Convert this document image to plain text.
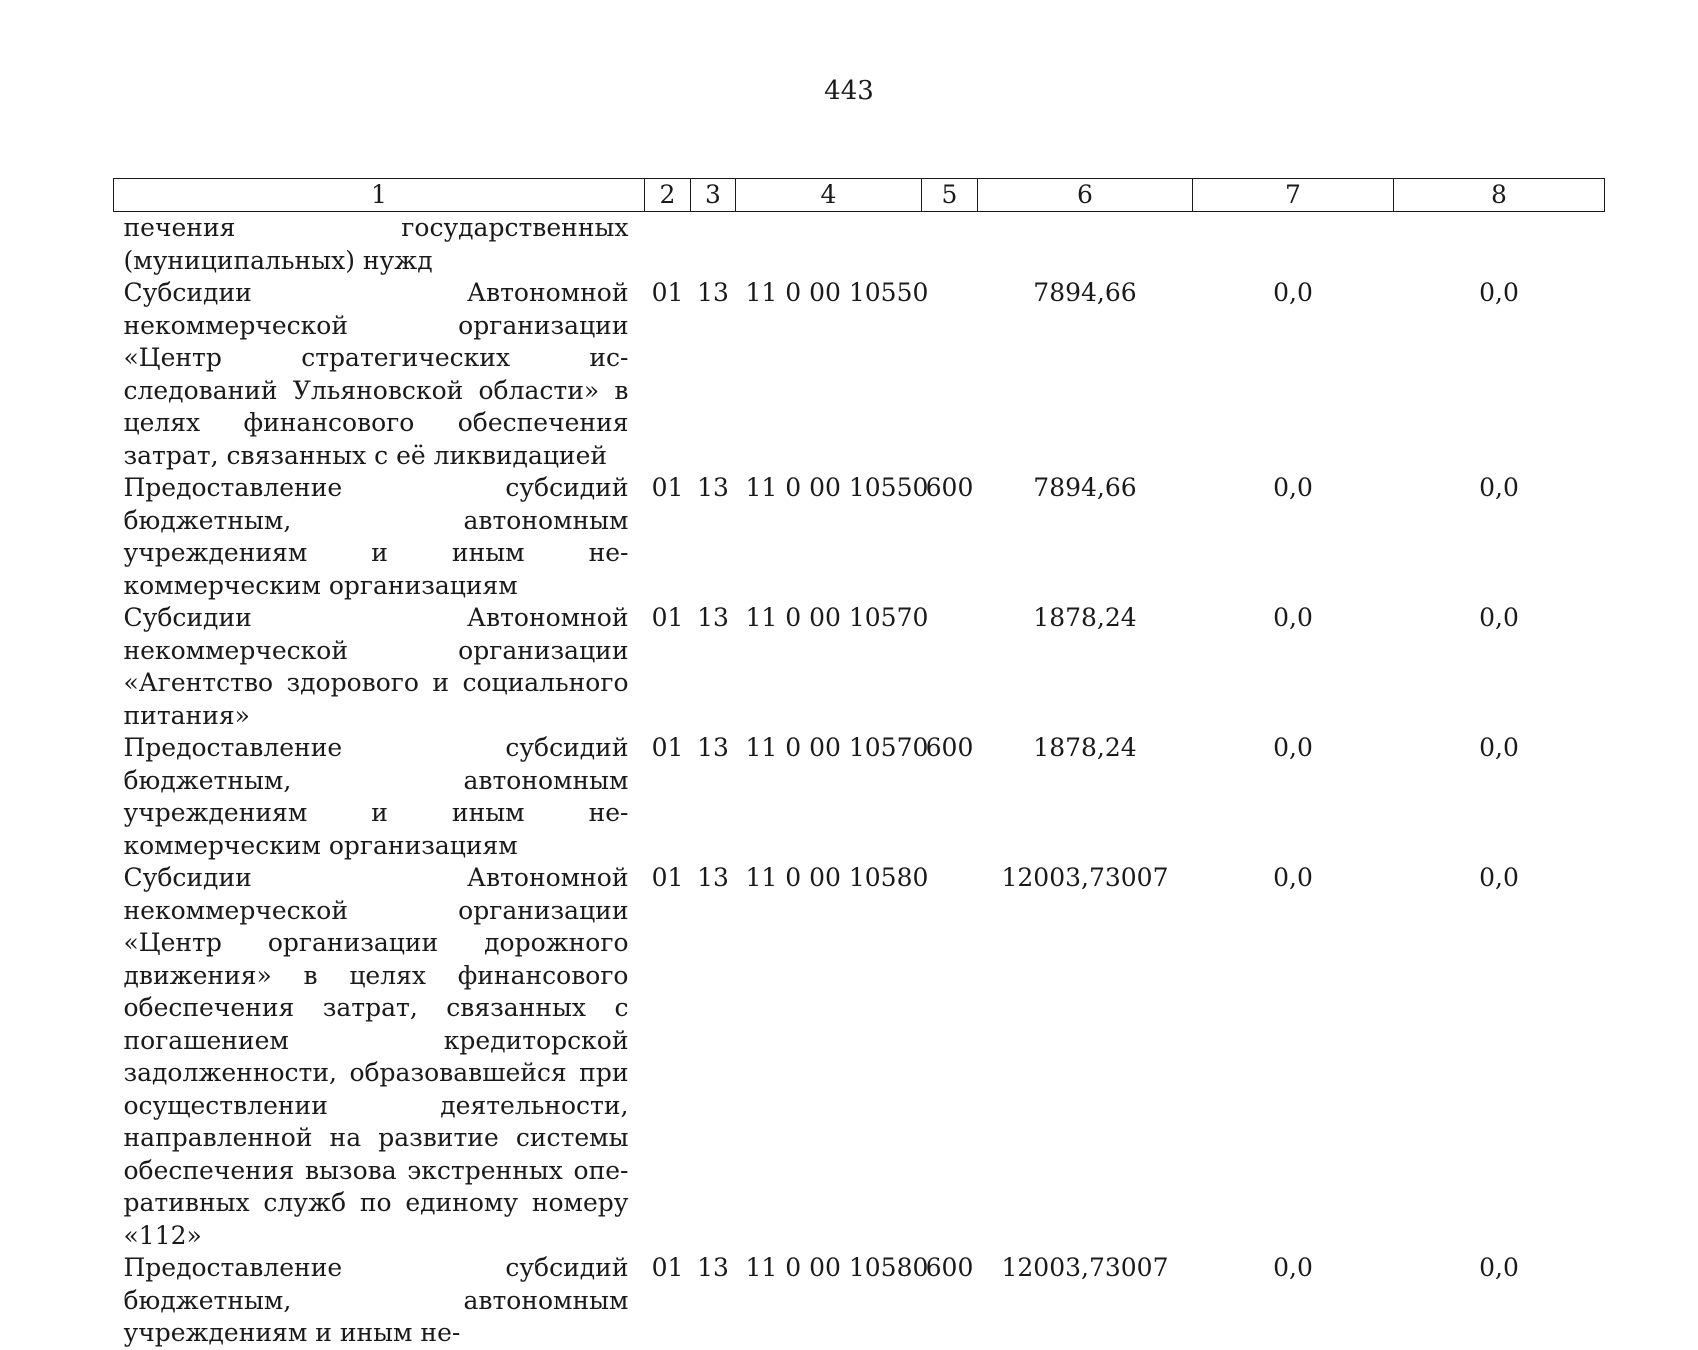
443
1	2	3	4	5	6	7	8
печения государственных (муниципальных) нужд							
Субсидии Автономной некоммерческой организации «Центр стратегических исследований Ульяновской области» в целях финансового обеспечения затрат, связанных с её ликвидацией	01	13	11 0 00 10550		7894,66	0,0	0,0
Предоставление субсидий бюджетным, автономным учреждениям и иным некоммерческим организациям	01	13	11 0 00 10550	600	7894,66	0,0	0,0
Субсидии Автономной некоммерческой организации «Агентство здорового и социального питания»	01	13	11 0 00 10570		1878,24	0,0	0,0
Предоставление субсидий бюджетным, автономным учреждениям и иным некоммерческим организациям	01	13	11 0 00 10570	600	1878,24	0,0	0,0
Субсидии Автономной некоммерческой организации «Центр организации дорожного движения» в целях финансового обеспечения затрат, связанных с погашением кредиторской задолженности, образовавшейся при осуществлении деятельности, направленной на развитие системы обеспечения вызова экстренных оперативных служб по единому номеру «112»	01	13	11 0 00 10580		12003,73007	0,0	0,0
Предоставление субсидий бюджетным, автономным учреждениям и иным не-	01	13	11 0 00 10580	600	12003,73007	0,0	0,0
